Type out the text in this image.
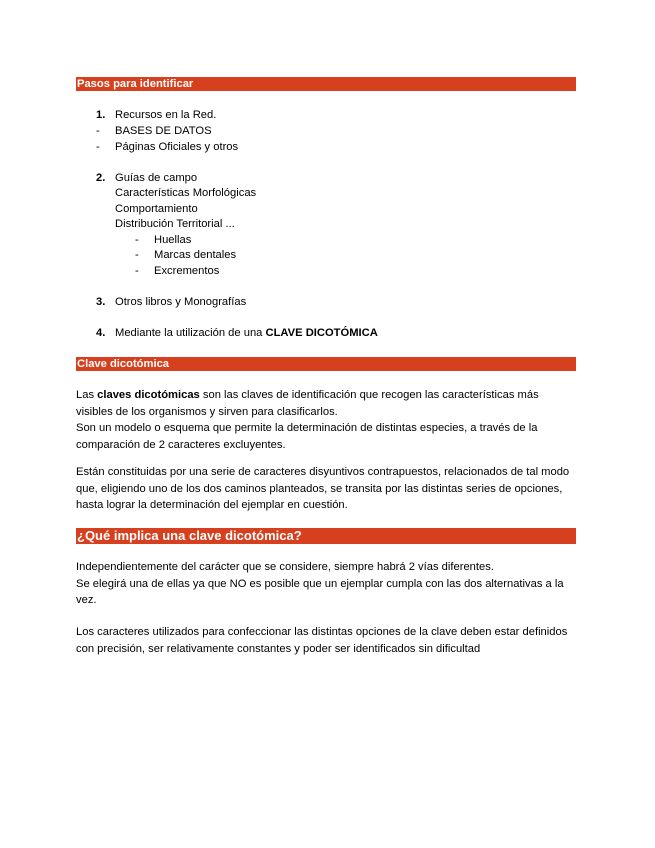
Pasos para identificar
1. Recursos en la Red.
- BASES DE DATOS
- Páginas Oficiales y otros
2. Guías de campo
Características Morfológicas
Comportamiento
Distribución Territorial ...
- Huellas
- Marcas dentales
- Excrementos
3. Otros libros y Monografías
4. Mediante la utilización de una CLAVE DICOTÓMICA
Clave dicotómica

Las claves dicotómicas son las claves de identificación que recogen las características más visibles de los organismos y sirven para clasificarlos.

Son un modelo o esquema que permite la determinación de distintas especies, a través de la comparación de 2 caracteres excluyentes.

Están constituidas por una serie de caracteres disyuntivos contrapuestos, relacionados de tal modo que, eligiendo uno de los dos caminos planteados, se transita por las distintas series de opciones, hasta lograr la determinación del ejemplar en cuestión.

¿Qué implica una clave dicotómica?

Independientemente del carácter que se considere, siempre habrá 2 vías diferentes.

Se elegirá una de ellas ya que NO es posible que un ejemplar cumpla con las dos alternativas a la vez.

Los caracteres utilizados para confeccionar las distintas opciones de la clave deben estar definidos con precisión, ser relativamente constantes y poder ser identificados sin dificultad
